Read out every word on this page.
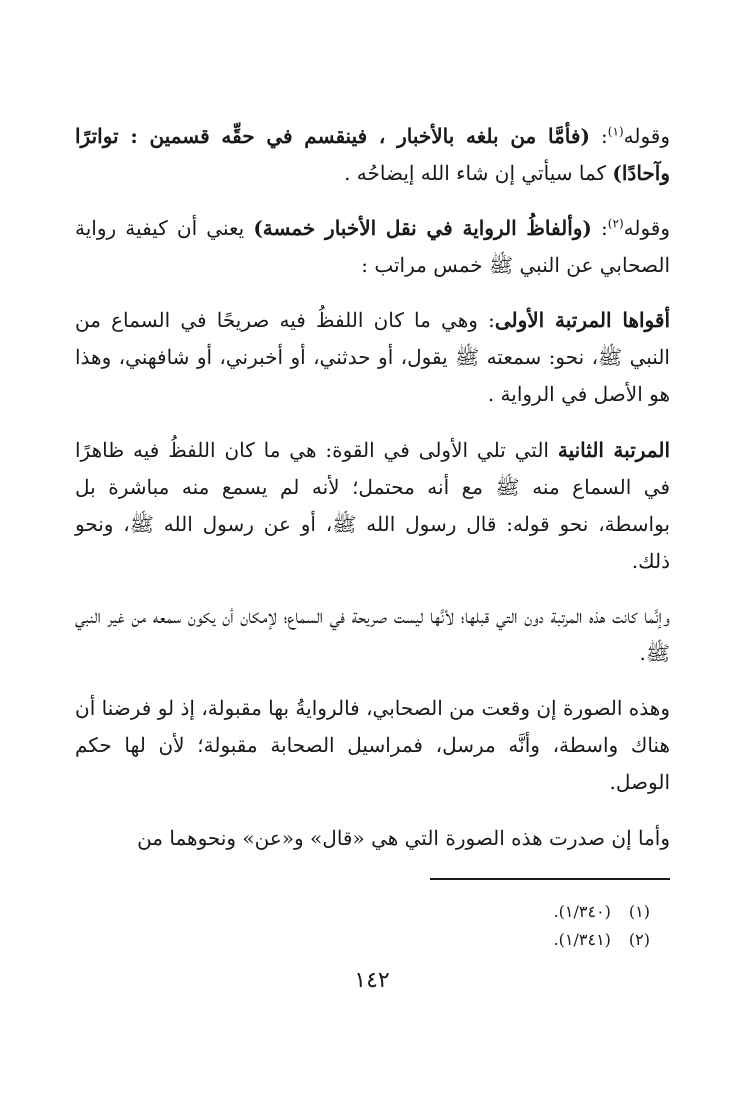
وقوله$^{(١)}$: (فأمَّا من بلغه بالأخبار ، فينقسم في حقِّه قسمين : تواترًا وآحادًا) كما سيأتي إن شاء الله إيضاحُه .

وقوله$^{(٢)}$: (وألفاظُ الرواية في نقل الأخبار خمسة) يعني أن كيفية رواية الصحابي عن النبي ﷺ خمس مراتب :

أقواها المرتبة الأولى: وهي ما كان اللفظُ فيه صريحًا في السماع من النبي ﷺ، نحو: سمعته ﷺ يقول، أو حدثني، أو أخبرني، أو شافهني، وهذا هو الأصل في الرواية .

المرتبة الثانية التي تلي الأولى في القوة: هي ما كان اللفظُ فيه ظاهرًا في السماع منه ﷺ مع أنه محتمل؛ لأنه لم يسمع منه مباشرة بل بواسطة، نحو قوله: قال رسول الله ﷺ، أو عن رسول الله ﷺ، ونحو ذلك.

وإنَّما كانت هذه المرتبة دون التي قبلها؛ لأنَّها ليست صريحة في السماع؛ لإمكان أن يكون سمعه من غير النبي ﷺ.

وهذه الصورة إن وقعت من الصحابي، فالروايةُ بها مقبولة، إذ لو فرضنا أن هناك واسطة، وأنَّه مرسل، فمراسيل الصحابة مقبولة؛ لأن لها حكم الوصل.

وأما إن صدرت هذه الصورة التي هي «قال» و«عن» ونحوهما من

(١) (١/٣٤٠).
(٢) (١/٣٤١).
١٤٢
